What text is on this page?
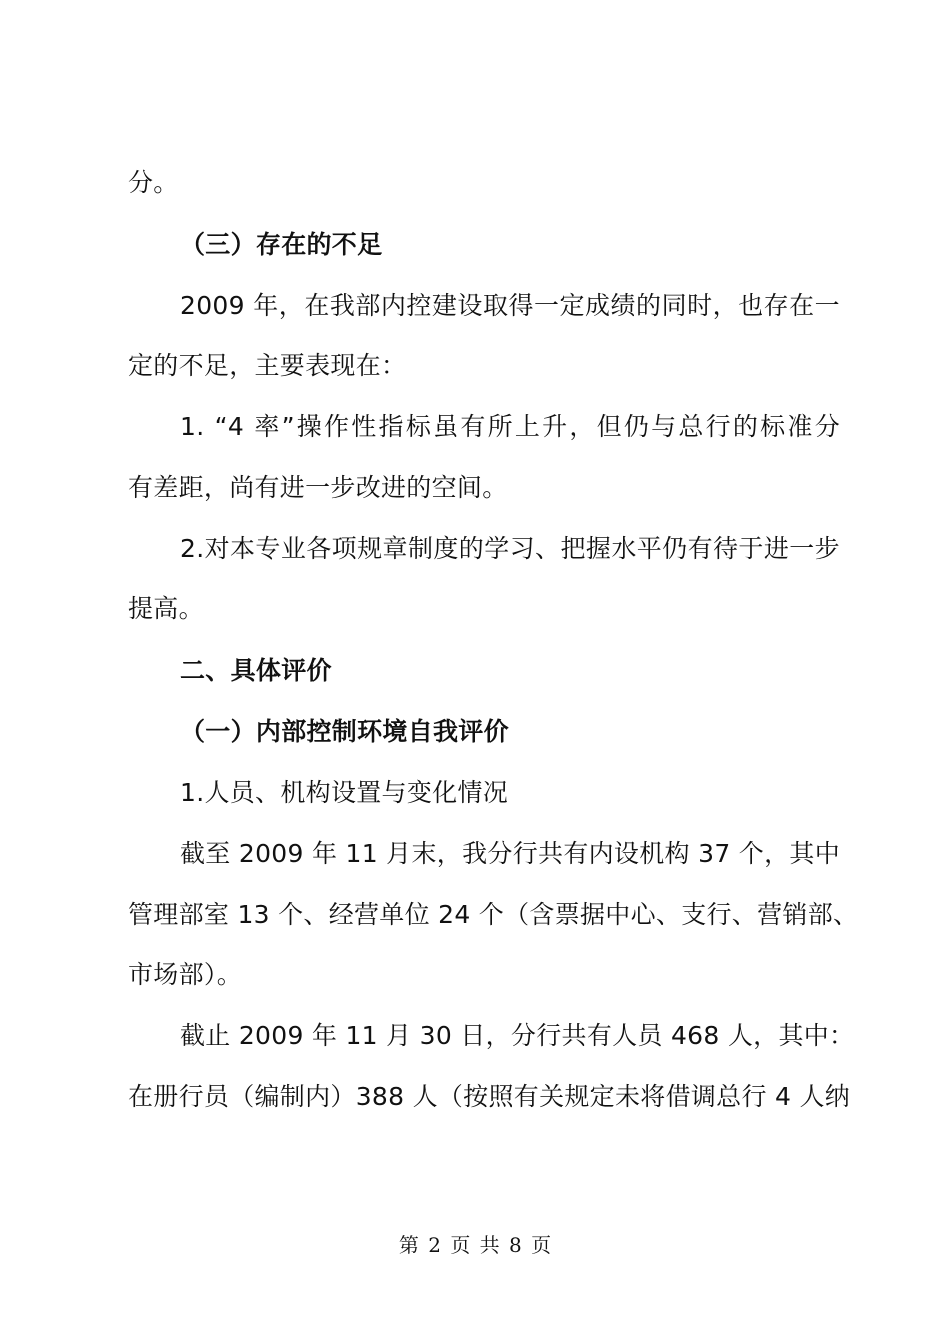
分。
（三）存在的不足
2009 年，在我部内控建设取得一定成绩的同时，也存在一
定的不足，主要表现在：
1. “4 率”操作性指标虽有所上升，但仍与总行的标准分
有差距，尚有进一步改进的空间。
2.对本专业各项规章制度的学习、把握水平仍有待于进一步
提高。
二、具体评价
（一）内部控制环境自我评价
1.人员、机构设置与变化情况
截至 2009 年 11 月末，我分行共有内设机构 37 个，其中
管理部室 13 个、经营单位 24 个（含票据中心、支行、营销部、
市场部）。
截止 2009 年 11 月 30 日，分行共有人员 468 人，其中：
在册行员（编制内）388 人（按照有关规定未将借调总行 4 人纳
第 2 页 共 8 页
